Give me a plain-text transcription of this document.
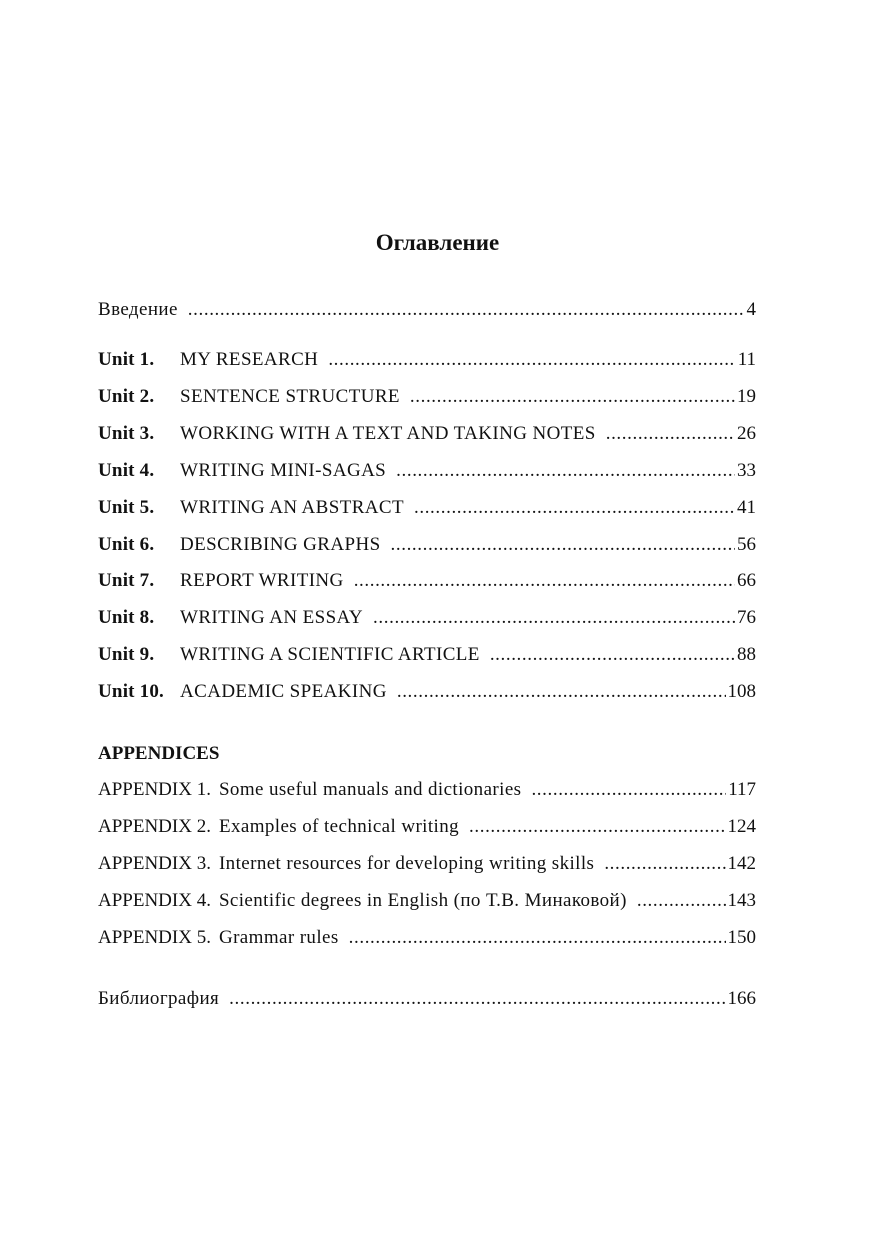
Оглавление
Введение .....	4
Unit 1.	MY RESEARCH .....	11
Unit 2.	SENTENCE STRUCTURE .....	19
Unit 3.	WORKING WITH A TEXT AND TAKING NOTES .....	26
Unit 4.	WRITING MINI-SAGAS .....	33
Unit 5.	WRITING AN ABSTRACT .....	41
Unit 6.	DESCRIBING GRAPHS .....	56
Unit 7.	REPORT WRITING .....	66
Unit 8.	WRITING AN ESSAY .....	76
Unit 9.	WRITING A SCIENTIFIC ARTICLE .....	88
Unit 10. ACADEMIC SPEAKING .....	108
APPENDICES
APPENDIX 1. Some useful manuals and dictionaries .....	117
APPENDIX 2. Examples of technical writing .....	124
APPENDIX 3. Internet resources for developing writing skills .....	142
APPENDIX 4. Scientific degrees in English (по Т.В. Минаковой) .....	143
APPENDIX 5. Grammar rules .....	150
Библиография .....	166
